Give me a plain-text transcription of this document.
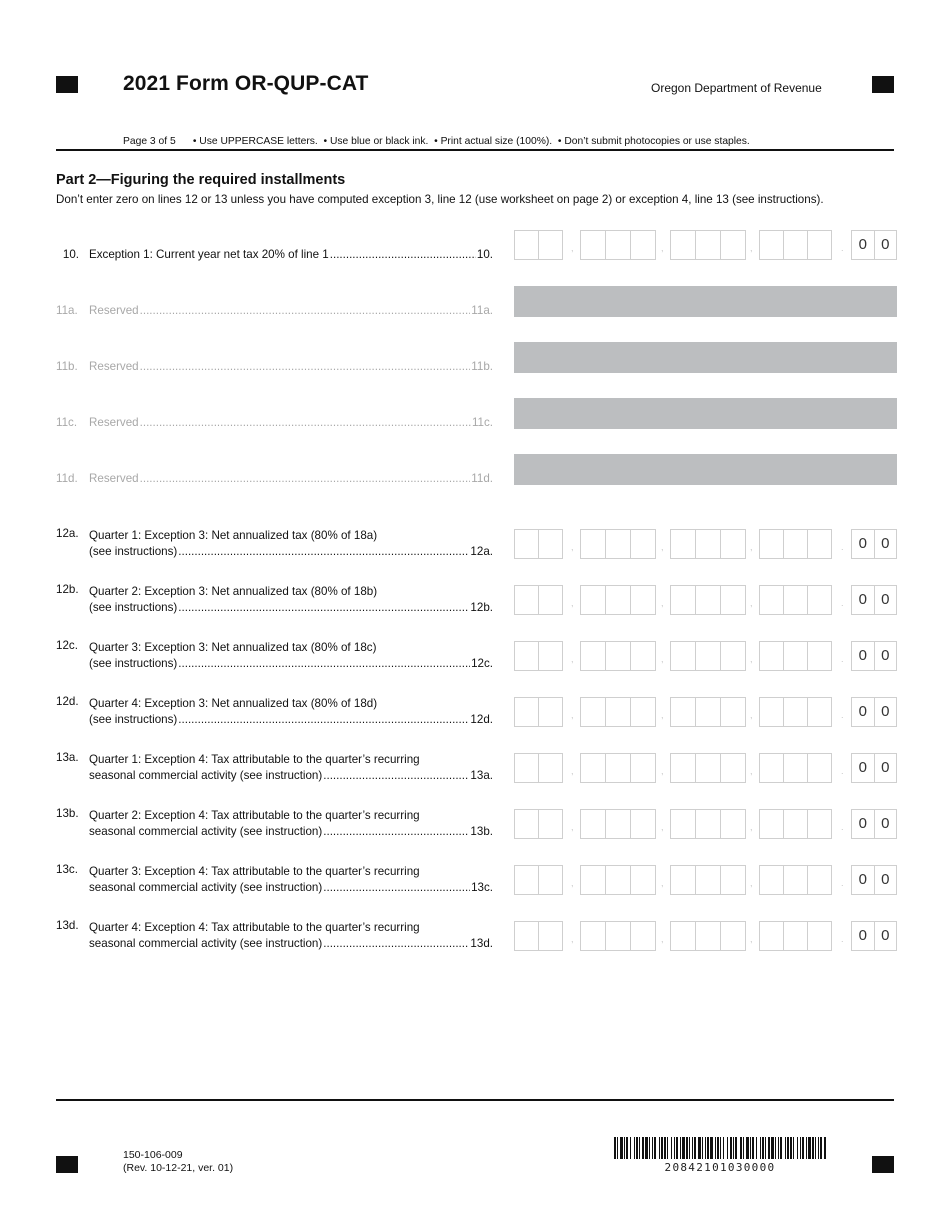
2021 Form OR-QUP-CAT	Oregon Department of Revenue
Page 3 of 5      • Use UPPERCASE letters.  • Use blue or black ink.  • Print actual size (100%).  • Don’t submit photocopies or use staples.
Part 2—Figuring the required installments
Don’t enter zero on lines 12 or 13 unless you have computed exception 3, line 12 (use worksheet on page 2) or exception 4, line 13 (see instructions).
10. Exception 1: Current year net tax 20% of line 1 .....	10.	,	,	,	.	0 0
11a. Reserved .....	11a.
11b. Reserved .....	11b.
11c.	Reserved .....	11c.
11d. Reserved .....	11d.
12a. Quarter 1: Exception 3: Net annualized tax (80% of 18a)
(see instructions) .....	12a.	,	,	,	.	0 0
12b. Quarter 2: Exception 3: Net annualized tax (80% of 18b)
(see instructions) .....	12b.	,	,	,	.	0 0
12c. Quarter 3: Exception 3: Net annualized tax (80% of 18c)
(see instructions) .....	12c.	,	,	,	.	0 0
12d. Quarter 4: Exception 3: Net annualized tax (80% of 18d)
(see instructions) .....	12d.	,	,	,	.	0 0
13a. Quarter 1: Exception 4: Tax attributable to the quarter’s recurring
seasonal commercial activity (see instruction) .....	13a.	,	,	,	.	0 0
13b. Quarter 2: Exception 4: Tax attributable to the quarter’s recurring
seasonal commercial activity (see instruction) .....	13b.	,	,	,	.	0 0
13c. Quarter 3: Exception 4: Tax attributable to the quarter’s recurring
seasonal commercial activity (see instruction) .....	13c.	,	,	,	.	0 0
13d. Quarter 4: Exception 4: Tax attributable to the quarter’s recurring
seasonal commercial activity (see instruction) .....	13d.	,	,	,	.	0 0
150-106-009
(Rev. 10-12-21, ver. 01)	20842101030000
